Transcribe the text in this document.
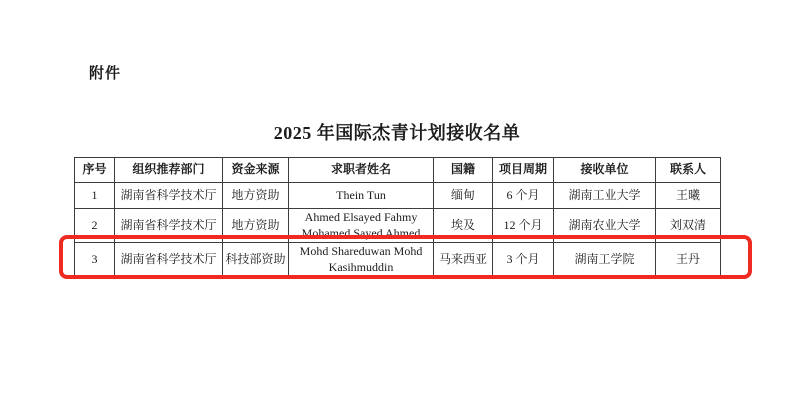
附件
2025 年国际杰青计划接收名单
序号	组织推荐部门	资金来源	求职者姓名	国籍	项目周期	接收单位	联系人
1	湖南省科学技术厅	地方资助	Thein Tun	缅甸	6 个月	湖南工业大学	王曦
2	湖南省科学技术厅	地方资助	Ahmed Elsayed Fahmy Mohamed Sayed Ahmed	埃及	12 个月	湖南农业大学	刘双清
3	湖南省科学技术厅	科技部资助	Mohd Shareduwan Mohd Kasihmuddin	马来西亚	3 个月	湖南工学院	王丹
